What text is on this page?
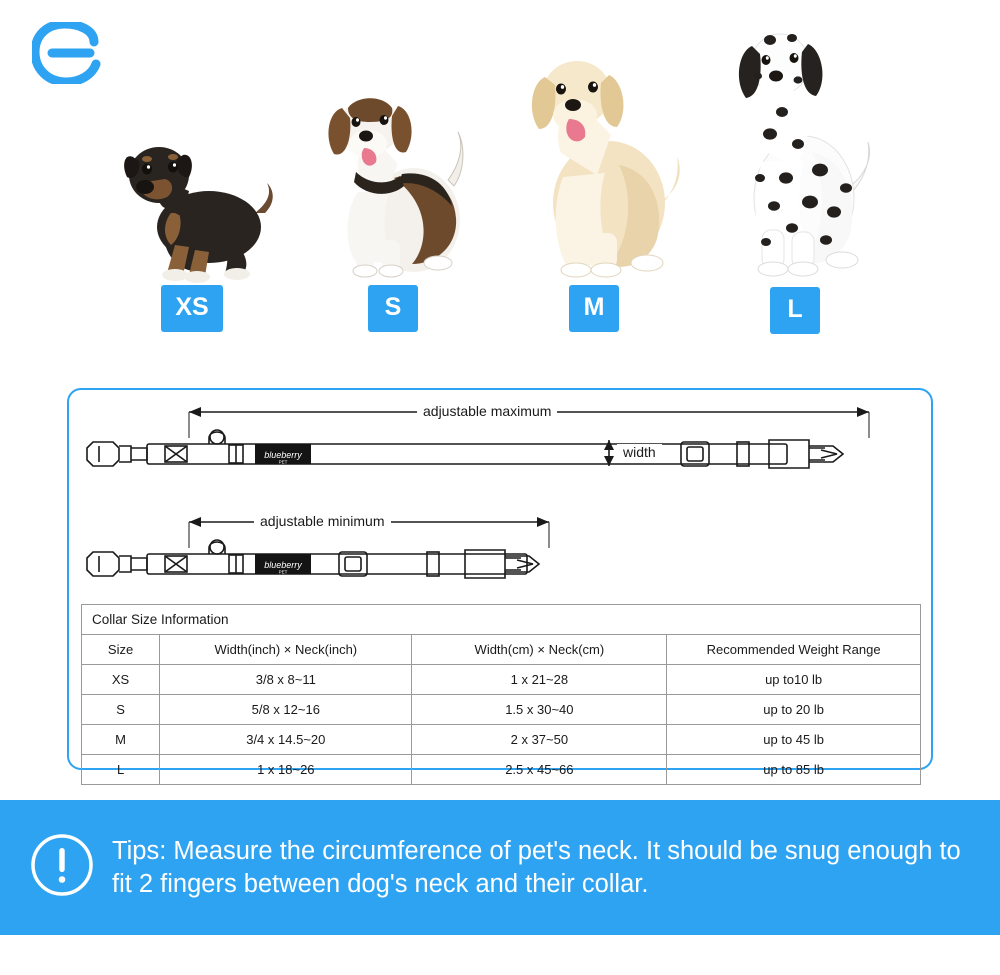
XS	S	M	L
blueberry
PET
blueberry
PET
adjustable maximum
adjustable minimum
width
Collar Size Information			
Size	Width(inch) × Neck(inch)	Width(cm) × Neck(cm)	Recommended Weight Range
XS	3/8 x 8~11	1 x 21~28	up to10 lb
S	5/8 x 12~16	1.5 x 30~40	up to 20 lb
M	3/4 x 14.5~20	2 x 37~50	up to 45 lb
L	1 x 18~26	2.5 x 45~66	up to 85 lb
Tips: Measure the circumference of pet's neck. It should be snug enough to fit 2 fingers between dog's neck and their collar.
